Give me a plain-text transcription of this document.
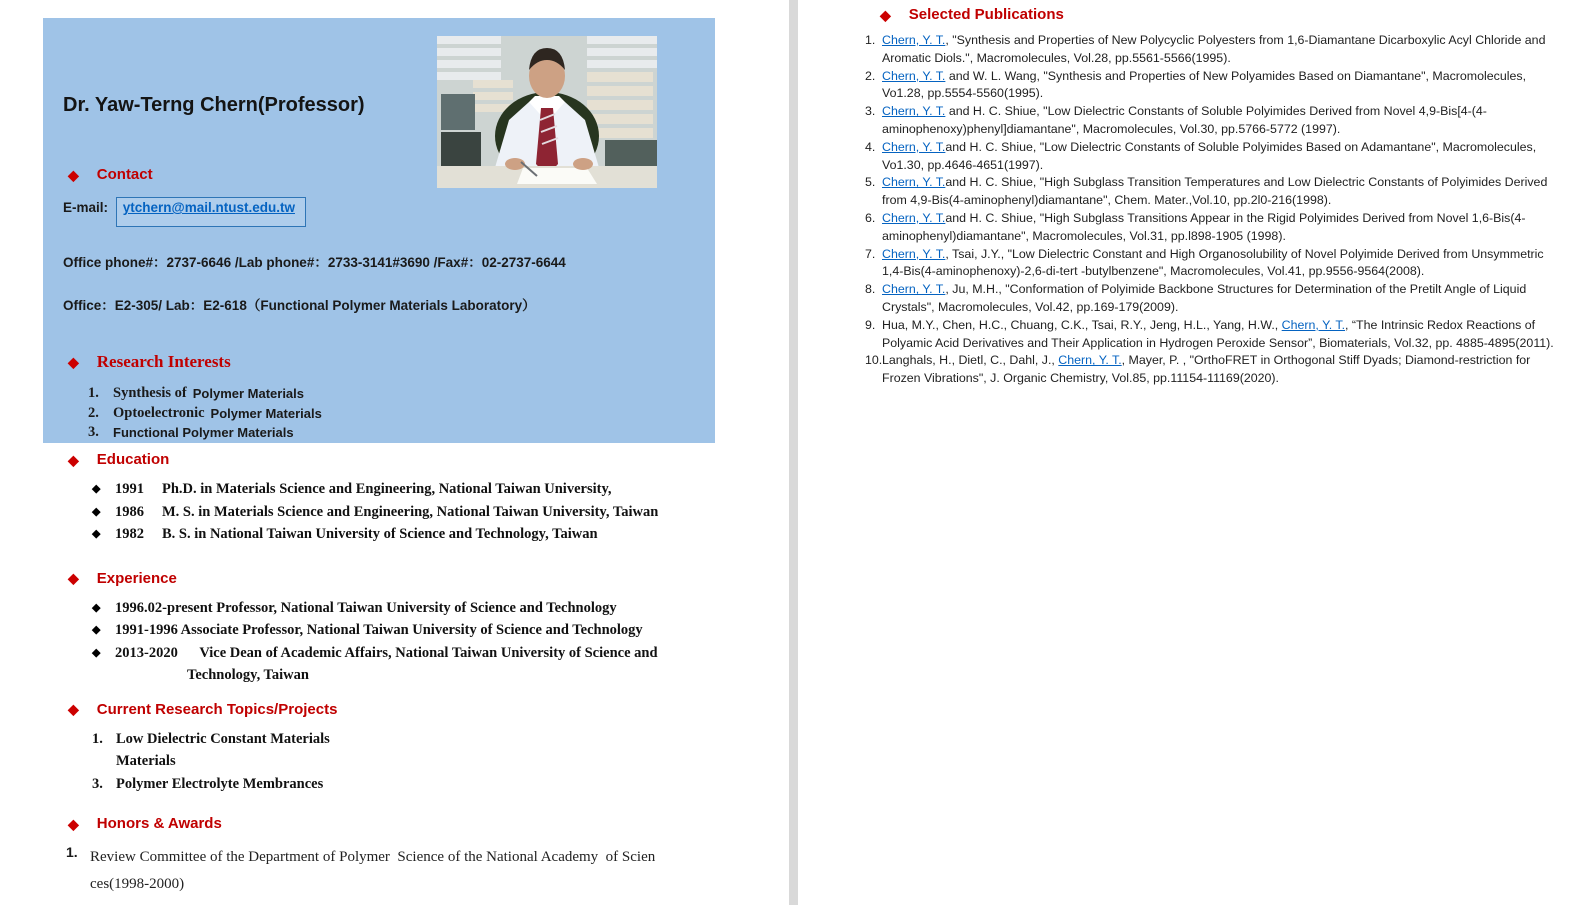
Dr. Yaw-Terng Chern(Professor)
◆ Contact
E-mail: ytchern@mail.ntust.edu.tw
Office phone#：2737-6646 /Lab phone#：2733-3141#3690 /Fax#：02-2737-6644
Office：E2-305/ Lab：E2-618（Functional Polymer Materials Laboratory）
◆ Research Interests
1. Synthesis of Polymer Materials
2. Optoelectronic Polymer Materials
3.	Functional Polymer Materials
◆ Education
◆	1991	Ph.D. in Materials Science and Engineering, National Taiwan University,
◆	1986	M. S. in Materials Science and Engineering, National Taiwan University, Taiwan
◆	1982	B. S. in National Taiwan University of Science and Technology, Taiwan
◆ Experience
◆	1996.02-present Professor, National Taiwan University of Science and Technology
◆	1991-1996 Associate Professor, National Taiwan University of Science and Technology
◆	2013-2020      Vice Dean of Academic Affairs, National Taiwan University of Science and
Technology, Taiwan
◆ Current Research Topics/Projects
1. Low Dielectric Constant Materials
Materials
3. Polymer Electrolyte Membrances
◆ Honors & Awards
1. Review Committee of the Department of Polymer  Science of the National Academy  of Scien
ces(1998-2000)
◆ Selected Publications
1. Chern, Y. T., "Synthesis and Properties of New Polycyclic Polyesters from 1,6-Diamantane Dicarboxylic Acyl Chloride and Aromatic Diols.", Macromolecules, Vol.28, pp.5561-5566(1995).
2. Chern, Y. T. and W. L. Wang, "Synthesis and Properties of New Polyamides Based on Diamantane", Macromolecules, Vo1.28, pp.5554-5560(1995).
3. Chern, Y. T. and H. C. Shiue, "Low Dielectric Constants of Soluble Polyimides Derived from Novel 4,9-Bis[4-(4-aminophenoxy)phenyl]diamantane", Macromolecules, Vol.30, pp.5766-5772 (1997).
4. Chern, Y. T.and H. C. Shiue, "Low Dielectric Constants of Soluble Polyimides Based on Adamantane", Macromolecules, Vo1.30, pp.4646-4651(1997).
5. Chern, Y. T.and H. C. Shiue, "High Subglass Transition Temperatures and Low Dielectric Constants of Polyimides Derived from 4,9-Bis(4-aminophenyl)diamantane", Chem. Mater.,Vol.10, pp.2l0-216(1998).
6. Chern, Y. T.and H. C. Shiue, "High Subglass Transitions Appear in the Rigid Polyimides Derived from Novel 1,6-Bis(4-aminophenyl)diamantane", Macromolecules, Vol.31, pp.l898-1905 (1998).
7. Chern, Y. T., Tsai, J.Y., "Low Dielectric Constant and High Organosolubility of Novel Polyimide Derived from Unsymmetric 1,4-Bis(4-aminophenoxy)-2,6-di-tert -butylbenzene", Macromolecules, Vol.41, pp.9556-9564(2008).
8. Chern, Y. T., Ju, M.H., "Conformation of Polyimide Backbone Structures for Determination of the Pretilt Angle of Liquid Crystals", Macromolecules, Vol.42, pp.169-179(2009).
9. Hua, M.Y., Chen, H.C., Chuang, C.K., Tsai, R.Y., Jeng, H.L., Yang, H.W., Chern, Y. T., “The Intrinsic Redox Reactions of Polyamic Acid Derivatives and Their Application in Hydrogen Peroxide Sensor”, Biomaterials, Vol.32, pp. 4885-4895(2011).
10. Langhals, H., Dietl, C., Dahl, J., Chern, Y. T., Mayer, P. , "OrthoFRET in Orthogonal Stiff Dyads; Diamond-restriction for Frozen Vibrations", J. Organic Chemistry, Vol.85, pp.11154-11169(2020).
